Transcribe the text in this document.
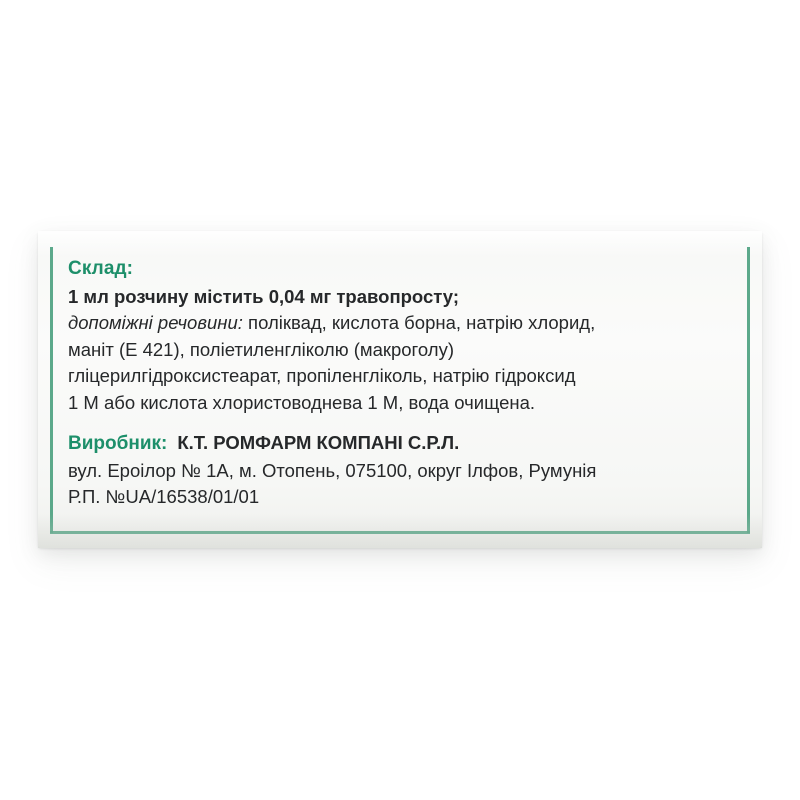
Склад:

1 мл розчину містить 0,04 мг травопросту;

допоміжні речовини: поліквад, кислота борна, натрію хлорид,

маніт (Е 421), поліетиленгліколю (макроголу)

гліцерилгідроксистеарат, пропіленгліколь, натрію гідроксид

1 М або кислота хлористоводнева 1 М, вода очищена.

Виробник: К.Т. РОМФАРМ КОМПАНІ С.Р.Л.

вул. Ероілор № 1А, м. Отопень, 075100, округ Ілфов, Румунія

Р.П. №UA/16538/01/01
